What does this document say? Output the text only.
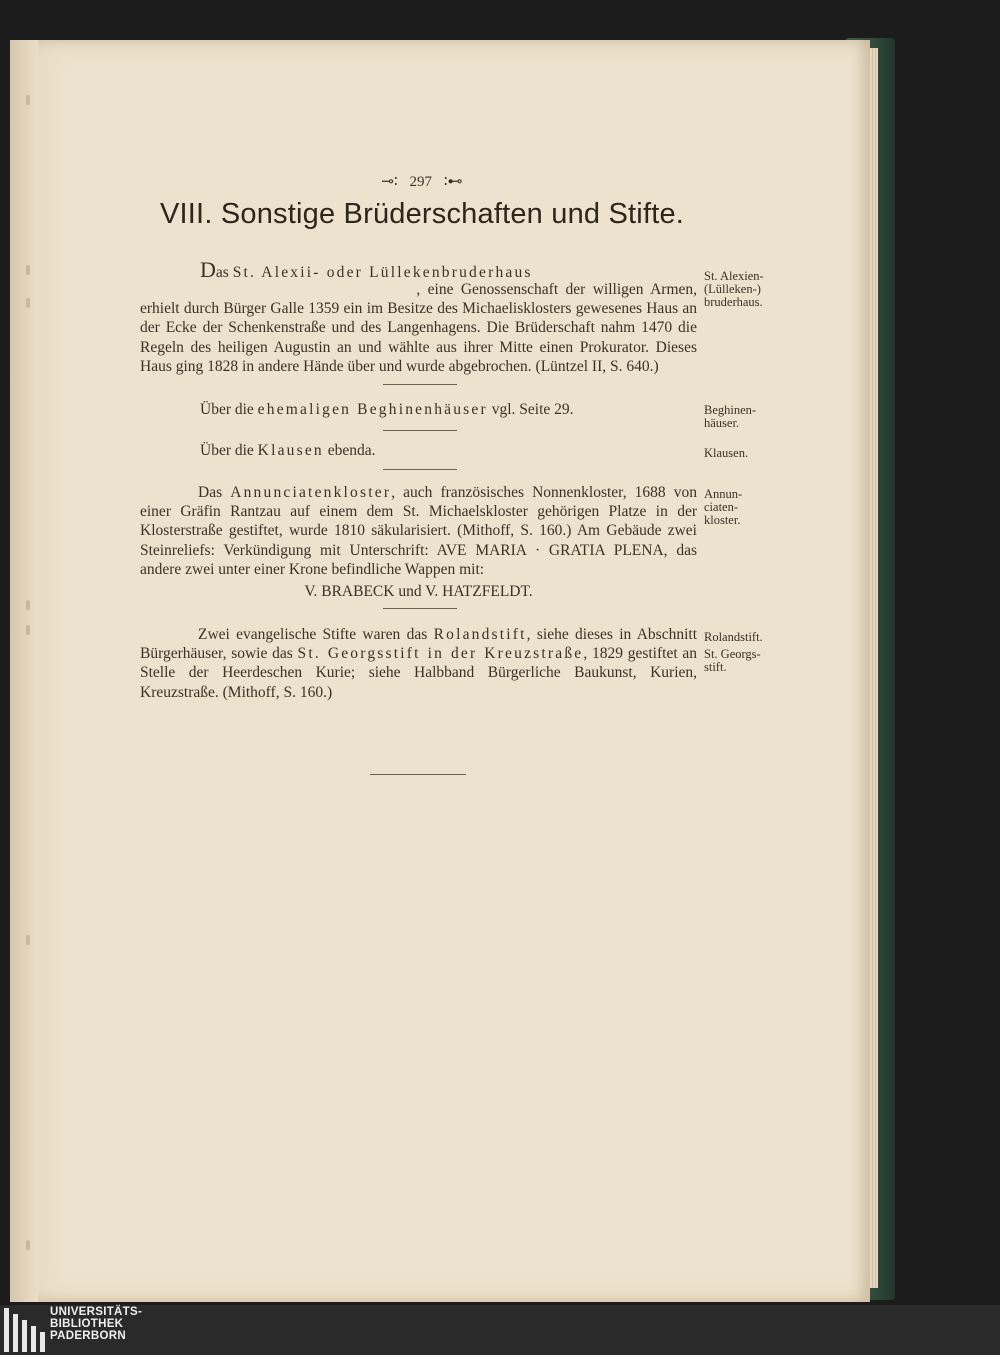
⊸∶ 297 ∶⊷
VIII. Sonstige Brüderschaften und Stifte.
Das St. Alexii- oder Lüllekenbruderhaus
, eine Genossenschaft der willigen Armen, erhielt durch Bürger Galle 1359 ein im Besitze des Michaelisklosters gewesenes Haus an der Ecke der Schenkenstraße und des Langenhagens. Die Brüderschaft nahm 1470 die Regeln des heiligen Augustin an und wählte aus ihrer Mitte einen Prokurator. Dieses Haus ging 1828 in andere Hände über und wurde abgebrochen. (Lüntzel II, S. 640.)
St. Alexien-
(Lülleken-)
bruderhaus.
Über die ehemaligen Beghinenhäuser vgl. Seite 29.	Beghinen-
häuser.
Über die Klausen ebenda.	Klausen.
Das Annunciatenkloster, auch französisches Nonnenkloster, 1688 von einer Gräfin Rantzau auf einem dem St. Michaelskloster gehörigen Platze in der Klosterstraße gestiftet, wurde 1810 säkularisiert. (Mithoff, S. 160.) Am Gebäude zwei Steinreliefs: Verkündigung mit Unterschrift: AVE MARIA · GRATIA PLENA, das andere zwei unter einer Krone befindliche Wappen mit:
V. BRABECK und V. HATZFELDT.
Annun-
ciaten-
kloster.
Zwei evangelische Stifte waren das Rolandstift, siehe dieses in Abschnitt Bürgerhäuser, sowie das St. Georgsstift in der Kreuzstraße, 1829 gestiftet an Stelle der Heerdeschen Kurie; siehe Halbband Bürgerliche Baukunst, Kurien, Kreuzstraße. (Mithoff, S. 160.)
Rolandstift.
St. Georgs-
stift.
UNIVERSITÄTS-
BIBLIOTHEK
PADERBORN
